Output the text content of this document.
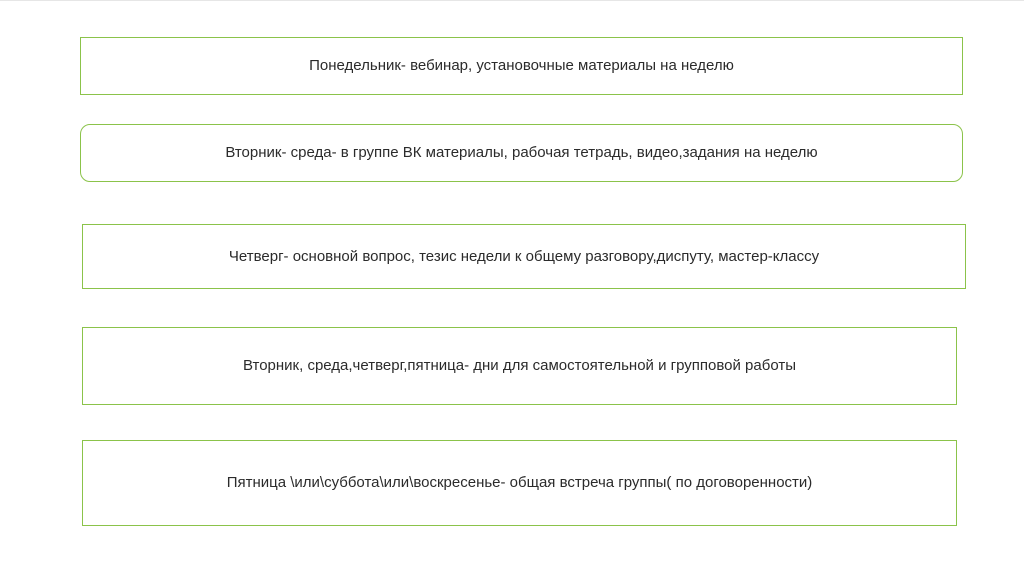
Понедельник- вебинар, установочные материалы на неделю
Вторник- среда- в группе ВК материалы, рабочая тетрадь, видео,задания на неделю
Четверг- основной вопрос, тезис недели к общему разговору,диспуту, мастер-классу
Вторник, среда,четверг,пятница- дни для самостоятельной и групповой работы
Пятница \или\суббота\или\воскресенье- общая встреча группы( по договоренности)
